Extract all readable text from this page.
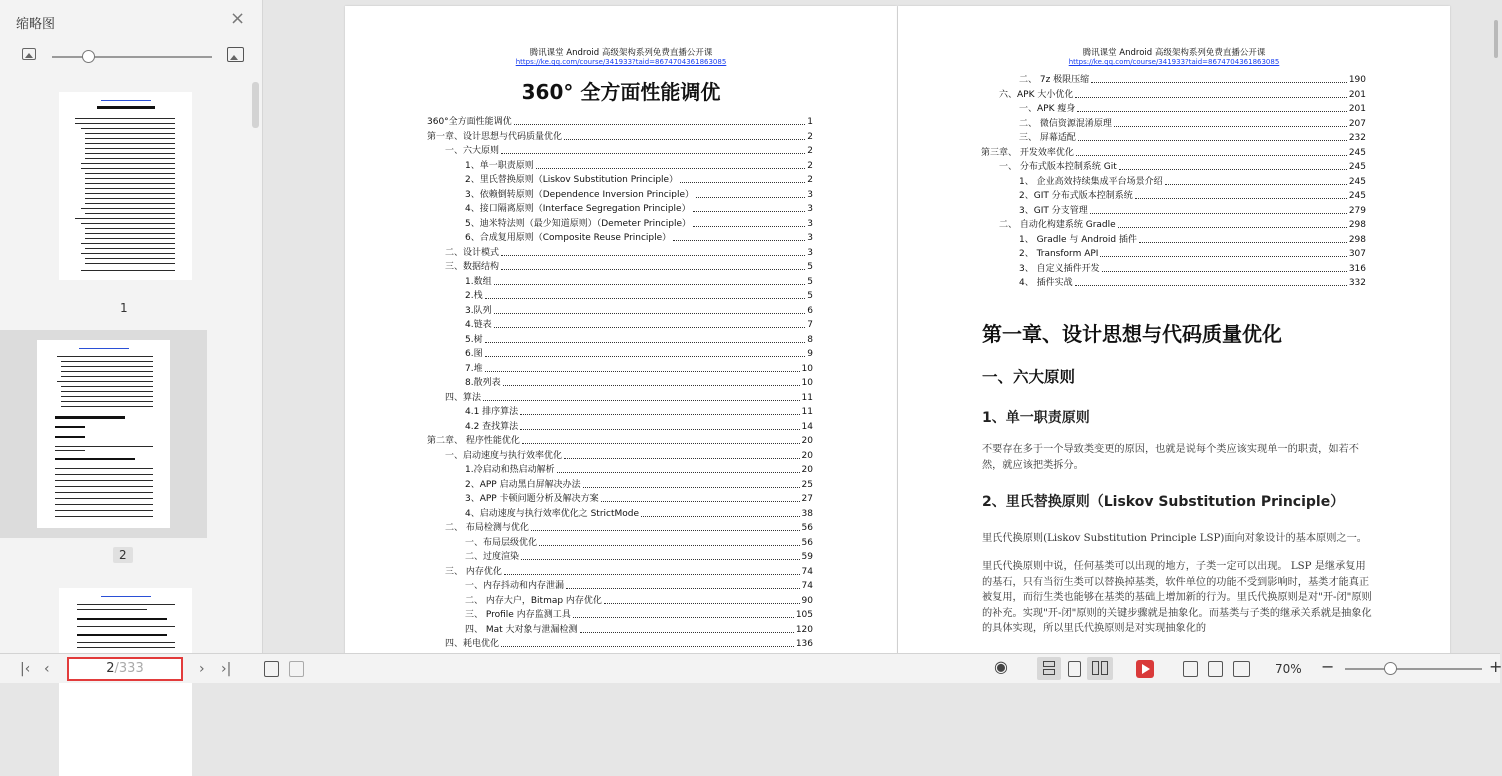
缩略图	×
1
2
腾讯课堂 Android 高级架构系列免费直播公开课
https://ke.qq.com/course/341933?taid=8674704361863085
360° 全方面性能调优
360°全方面性能调优	1
第一章、设计思想与代码质量优化	2
一、六大原则	2
1、单一职责原则	2
2、里氏替换原则（Liskov Substitution Principle）	2
3、依赖倒转原则（Dependence Inversion Principle）	3
4、接口隔离原则（Interface Segregation Principle）	3
5、迪米特法则（最少知道原则）（Demeter Principle）	3
6、合成复用原则（Composite Reuse Principle）	3
二、设计模式	3
三、数据结构	5
1.数组	5
2.栈	5
3.队列	6
4.链表	7
5.树	8
6.图	9
7.堆	10
8.散列表	10
四、算法	11
4.1 排序算法	11
4.2 查找算法	14
第二章、 程序性能优化	20
一、启动速度与执行效率优化	20
1.冷启动和热启动解析	20
2、APP 启动黑白屏解决办法	25
3、APP 卡顿问题分析及解决方案	27
4、启动速度与执行效率优化之 StrictMode	38
二、 布局检测与优化	56
一、布局层级优化	56
二、过度渲染	59
三、 内存优化	74
一、内存抖动和内存泄漏	74
二、 内存大户，Bitmap 内存优化	90
三、 Profile 内存监测工具	105
四、 Mat 大对象与泄漏检测	120
四、耗电优化	136
腾讯课堂 Android 高级架构系列免费直播公开课
https://ke.qq.com/course/341933?taid=8674704361863085
二、 7z 极限压缩	190
六、APK 大小优化	201
一、APK 瘦身	201
二、 微信资源混淆原理	207
三、 屏幕适配	232
第三章、 开发效率优化	245
一、 分布式版本控制系统 Git	245
1、 企业高效持续集成平台场景介绍	245
2、GIT 分布式版本控制系统	245
3、GIT 分支管理	279
二、 自动化构建系统 Gradle	298
1、 Gradle 与 Android 插件	298
2、 Transform API	307
3、 自定义插件开发	316
4、 插件实战	332
第一章、设计思想与代码质量优化
一、六大原则
1、单一职责原则
不要存在多于一个导致类变更的原因，也就是说每个类应该实现单一的职责，如若不然，就应该把类拆分。
2、里氏替换原则（Liskov Substitution Principle）
里氏代换原则(Liskov Substitution Principle LSP)面向对象设计的基本原则之一。
里氏代换原则中说，任何基类可以出现的地方，子类一定可以出现。 LSP 是继承复用的基石，只有当衍生类可以替换掉基类，软件单位的功能不受到影响时，基类才能真正被复用，而衍生类也能够在基类的基础上增加新的行为。里氏代换原则是对"开-闭"原则的补充。实现"开-闭"原则的关键步骤就是抽象化。而基类与子类的继承关系就是抽象化的具体实现，所以里氏代换原则是对实现抽象化的
|‹ ‹	2/333	› ›|	◉	70% −	+
